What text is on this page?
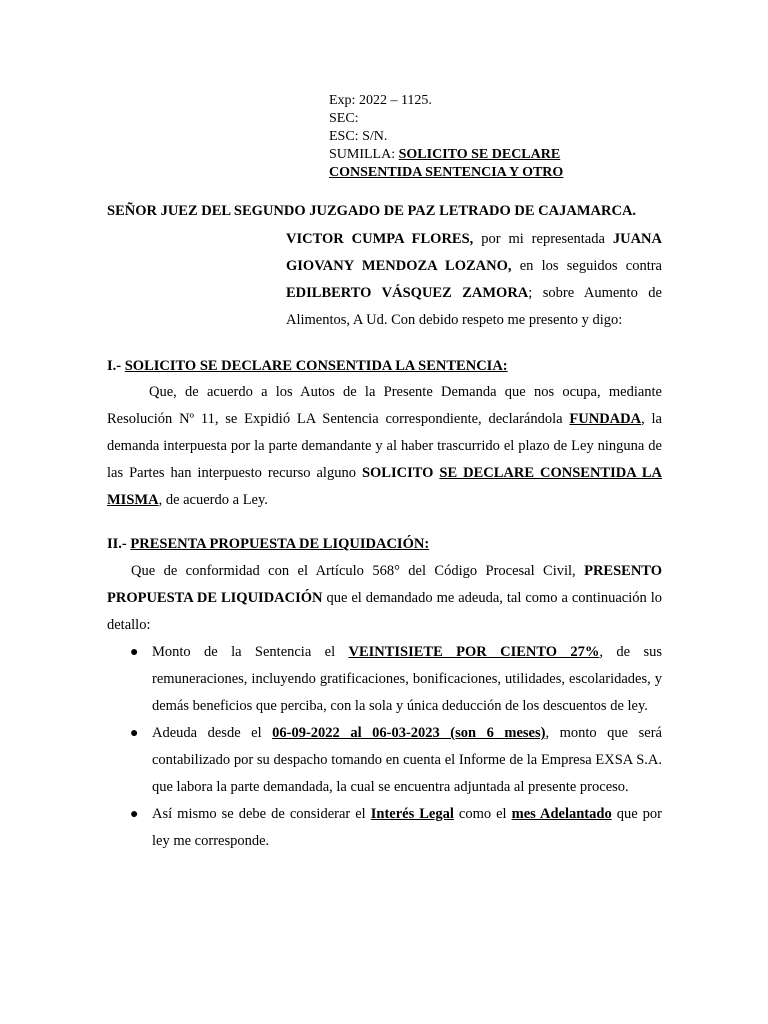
Exp: 2022 – 1125.
SEC:
ESC: S/N.
SUMILLA: SOLICITO SE DECLARE
CONSENTIDA SENTENCIA Y OTRO
SEÑOR JUEZ DEL SEGUNDO JUZGADO DE PAZ LETRADO DE CAJAMARCA.
VICTOR CUMPA FLORES, por mi representada JUANA GIOVANY MENDOZA LOZANO, en los seguidos contra EDILBERTO VÁSQUEZ ZAMORA; sobre Aumento de Alimentos, A Ud. Con debido respeto me presento y digo:
I.- SOLICITO SE DECLARE CONSENTIDA LA SENTENCIA:
Que, de acuerdo a los Autos de la Presente Demanda que nos ocupa, mediante Resolución Nº 11, se Expidió LA Sentencia correspondiente, declarándola FUNDADA, la demanda interpuesta por la parte demandante y al haber trascurrido el plazo de Ley ninguna de las Partes han interpuesto recurso alguno SOLICITO SE DECLARE CONSENTIDA LA MISMA, de acuerdo a Ley.
II.- PRESENTA PROPUESTA DE LIQUIDACIÓN:
Que de conformidad con el Artículo 568° del Código Procesal Civil, PRESENTO PROPUESTA DE LIQUIDACIÓN que el demandado me adeuda, tal como a continuación lo detallo:
● Monto de la Sentencia el VEINTISIETE POR CIENTO 27%, de sus remuneraciones, incluyendo gratificaciones, bonificaciones, utilidades, escolaridades, y demás beneficios que perciba, con la sola y única deducción de los descuentos de ley.
● Adeuda desde el 06-09-2022 al 06-03-2023 (son 6 meses), monto que será contabilizado por su despacho tomando en cuenta el Informe de la Empresa EXSA S.A. que labora la parte demandada, la cual se encuentra adjuntada al presente proceso.
● Así mismo se debe de considerar el Interés Legal como el mes Adelantado que por ley me corresponde.
